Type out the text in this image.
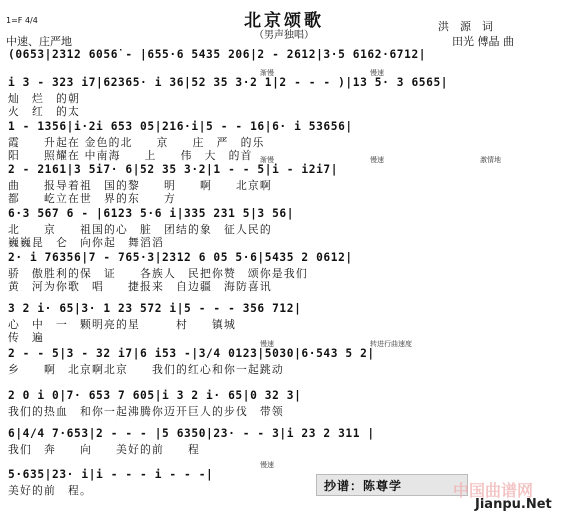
1=F 4/4	北京颂歌
（男声独唱）
中速、庄严地
洪　源　词
田光 傅晶 曲
(0653|2312 6056̇ - |655·6 5435 206|2 - 2612|3·5 6162·6712|
i 3 - 323 i7|62365· i 36|52 35 3·2 1|2 - - - )|13 5· 3 6565|
灿　烂　的朝
火　红　的太
渐慢	慢速
1 - 1356|i·2i 653 05|216·i|5 - - 16|6· i 53656|
霞　　升起在 金色的北　　京　　庄　严　的乐
阳　　照耀在 中南海　　上　　伟　大　的首
2 - 2161|3 5i7· 6|52 35 3·2|1 - - 5|i - i2i7|
曲　　报导着祖　国的黎　　明　　啊　　北京啊
都　　屹立在世　界的东　　方
渐慢	慢速	激情地
6·3 567 6 - |6123 5·6 i|335 231 5|3 56|
北　　京　　祖国的心　脏　团结的象　征人民的
巍巍昆　仑　向你起　舞滔滔
2· i 76356|7 - 765·3|2312 6 05 5·6|5435 2 0612|
骄　傲胜利的保　证　　各族人　民把你赞　颂你是我们
黄　河为你歌　唱　　捷报来　自边疆　海防喜讯
3 2 i· 65|3· 1 23 572 i|5 - - - 356 712|
心　中　一　颗明亮的星　　　村　　镇城
传　遍
2 - - 5|3 - 32 i7|6 i53 -|3/4 0123|5030|6·543 5 2|
乡　　啊　北京啊北京　　我们的红心和你一起跳动
慢速	转进行曲速度
2 0 i 0|7· 653 7 605|i 3 2 i· 65|0 32 3|
我们的热血　和你一起沸腾你迈开巨人的步伐　带领
6|4/4 7·653|2 - - - |5 6350|23· - - 3|i 23 2 311 |
我们　奔　　向　　美好的前　　程
5·635|23· i|i - - - i - - -|
美好的前　程。
慢速
抄谱：陈尊学	中国曲谱网
Jianpu.Net
